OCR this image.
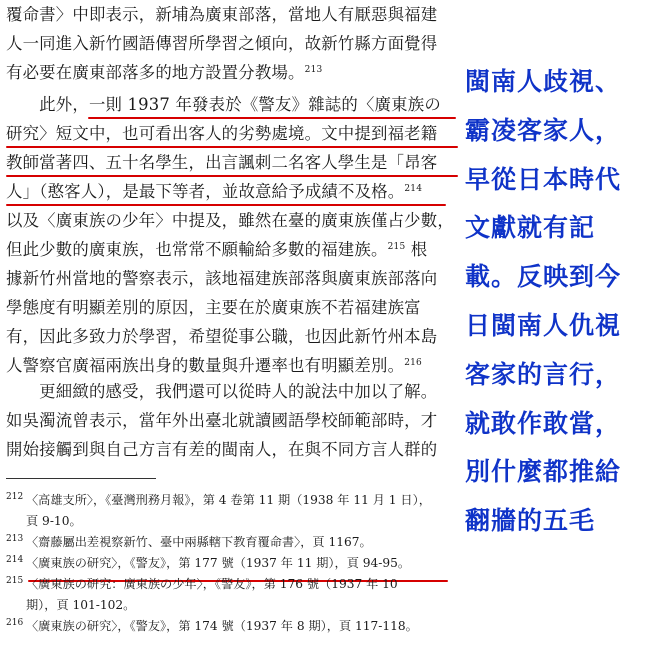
覆命書〉中即表示，新埔為廣東部落，當地人有厭惡與福建
人一同進入新竹國語傳習所學習之傾向，故新竹縣方面覺得
有必要在廣東部落多的地方設置分教場。$^{213}$
　　此外，一則 1937 年發表於《警友》雜誌的〈廣東族の
研究〉短文中，也可看出客人的劣勢處境。文中提到福老籍
教師當著四、五十名學生，出言諷刺二名客人學生是「昂客
人」（憨客人），是最下等者，並故意給予成績不及格。$^{214}$
以及〈廣東族の少年〉中提及，雖然在臺的廣東族僅占少數，
但此少數的廣東族，也常常不願輸給多數的福建族。$^{215}$ 根
據新竹州當地的警察表示，該地福建族部落與廣東族部落向
學態度有明顯差別的原因，主要在於廣東族不若福建族富
有，因此多致力於學習，希望從事公職，也因此新竹州本島
人警察官廣福兩族出身的數量與升遷率也有明顯差別。$^{216}$
　　更細緻的感受，我們還可以從時人的說法中加以了解。
如吳濁流曾表示，當年外出臺北就讀國語學校師範部時，才
開始接觸到與自己方言有差的閩南人，在與不同方言人群的
212 〈高雄支所〉，《臺灣刑務月報》，第 4 卷第 11 期（1938 年 11 月 1 日），
頁 9-10。
213 〈齋藤屬出差視察新竹、臺中兩縣轄下教育覆命書〉，頁 1167。
214 〈廣東族の研究〉，《警友》，第 177 號（1937 年 11 期），頁 94-95。
215 〈廣東族の研究：廣東族の少年〉，《警友》，第 176 號（1937 年 10
期），頁 101-102。
216 〈廣東族の研究〉，《警友》，第 174 號（1937 年 8 期），頁 117-118。
閩南人歧視、
霸凌客家人，
早從日本時代
文獻就有記
載。反映到今
日閩南人仇視
客家的言行，
就敢作敢當，
別什麼都推給
翻牆的五毛
